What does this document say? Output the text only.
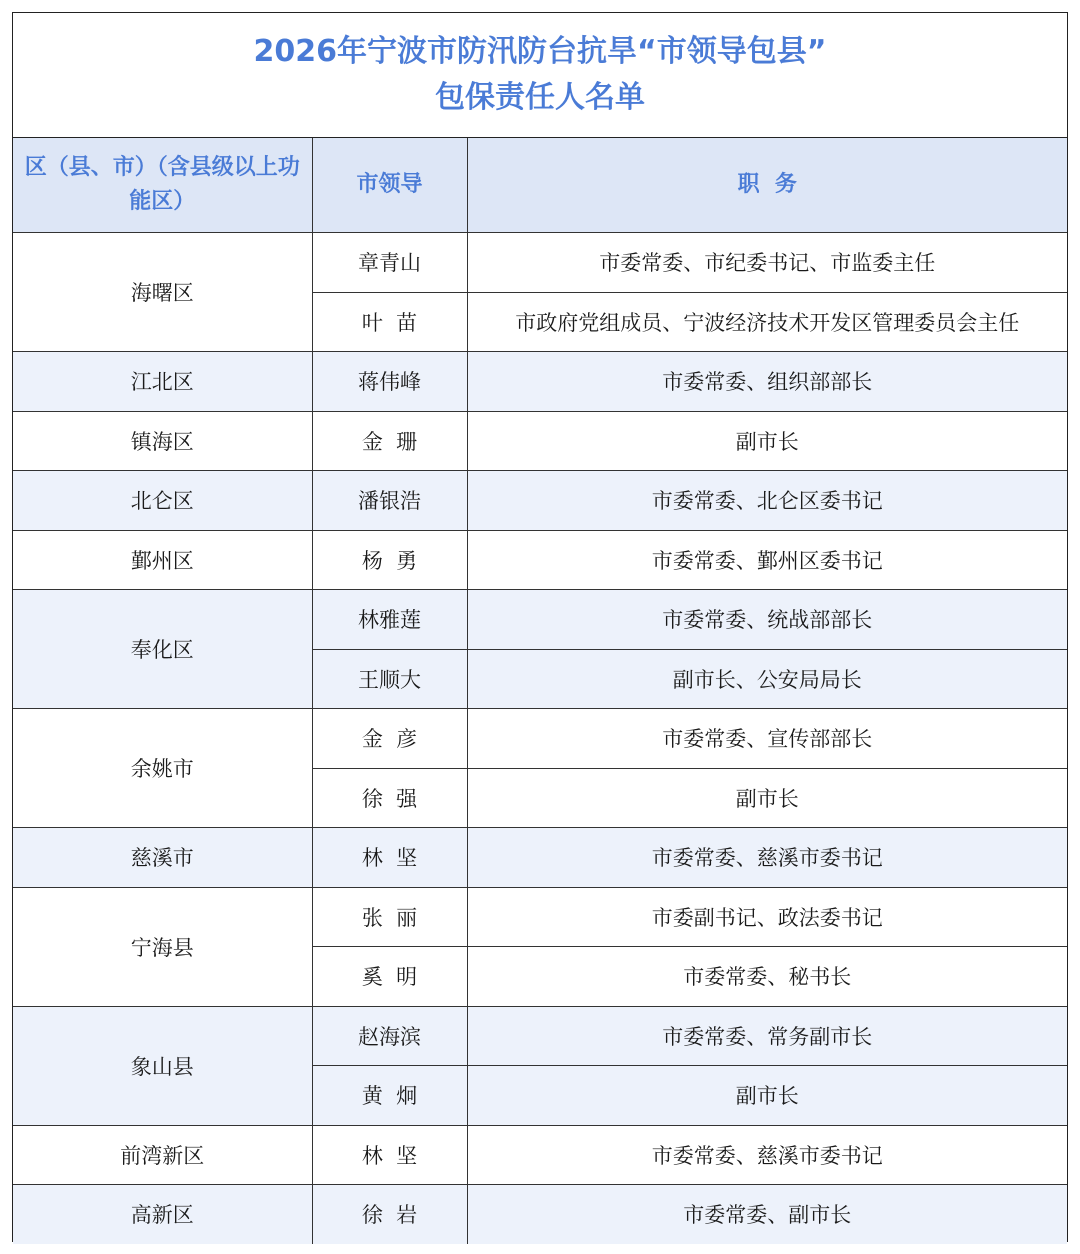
2026年宁波市防汛防台抗旱“市领导包县”
包保责任人名单
区（县、市）（含县级以上功能区）	市领导	职  务
海曙区	章青山	市委常委、市纪委书记、市监委主任
	叶  苗	市政府党组成员、宁波经济技术开发区管理委员会主任
江北区	蒋伟峰	市委常委、组织部部长
镇海区	金  珊	副市长
北仑区	潘银浩	市委常委、北仑区委书记
鄞州区	杨  勇	市委常委、鄞州区委书记
奉化区	林雅莲	市委常委、统战部部长
	王顺大	副市长、公安局局长
余姚市	金  彦	市委常委、宣传部部长
	徐  强	副市长
慈溪市	林  坚	市委常委、慈溪市委书记
宁海县	张  丽	市委副书记、政法委书记
	奚  明	市委常委、秘书长
象山县	赵海滨	市委常委、常务副市长
	黄  炯	副市长
前湾新区	林  坚	市委常委、慈溪市委书记
高新区	徐  岩	市委常委、副市长
